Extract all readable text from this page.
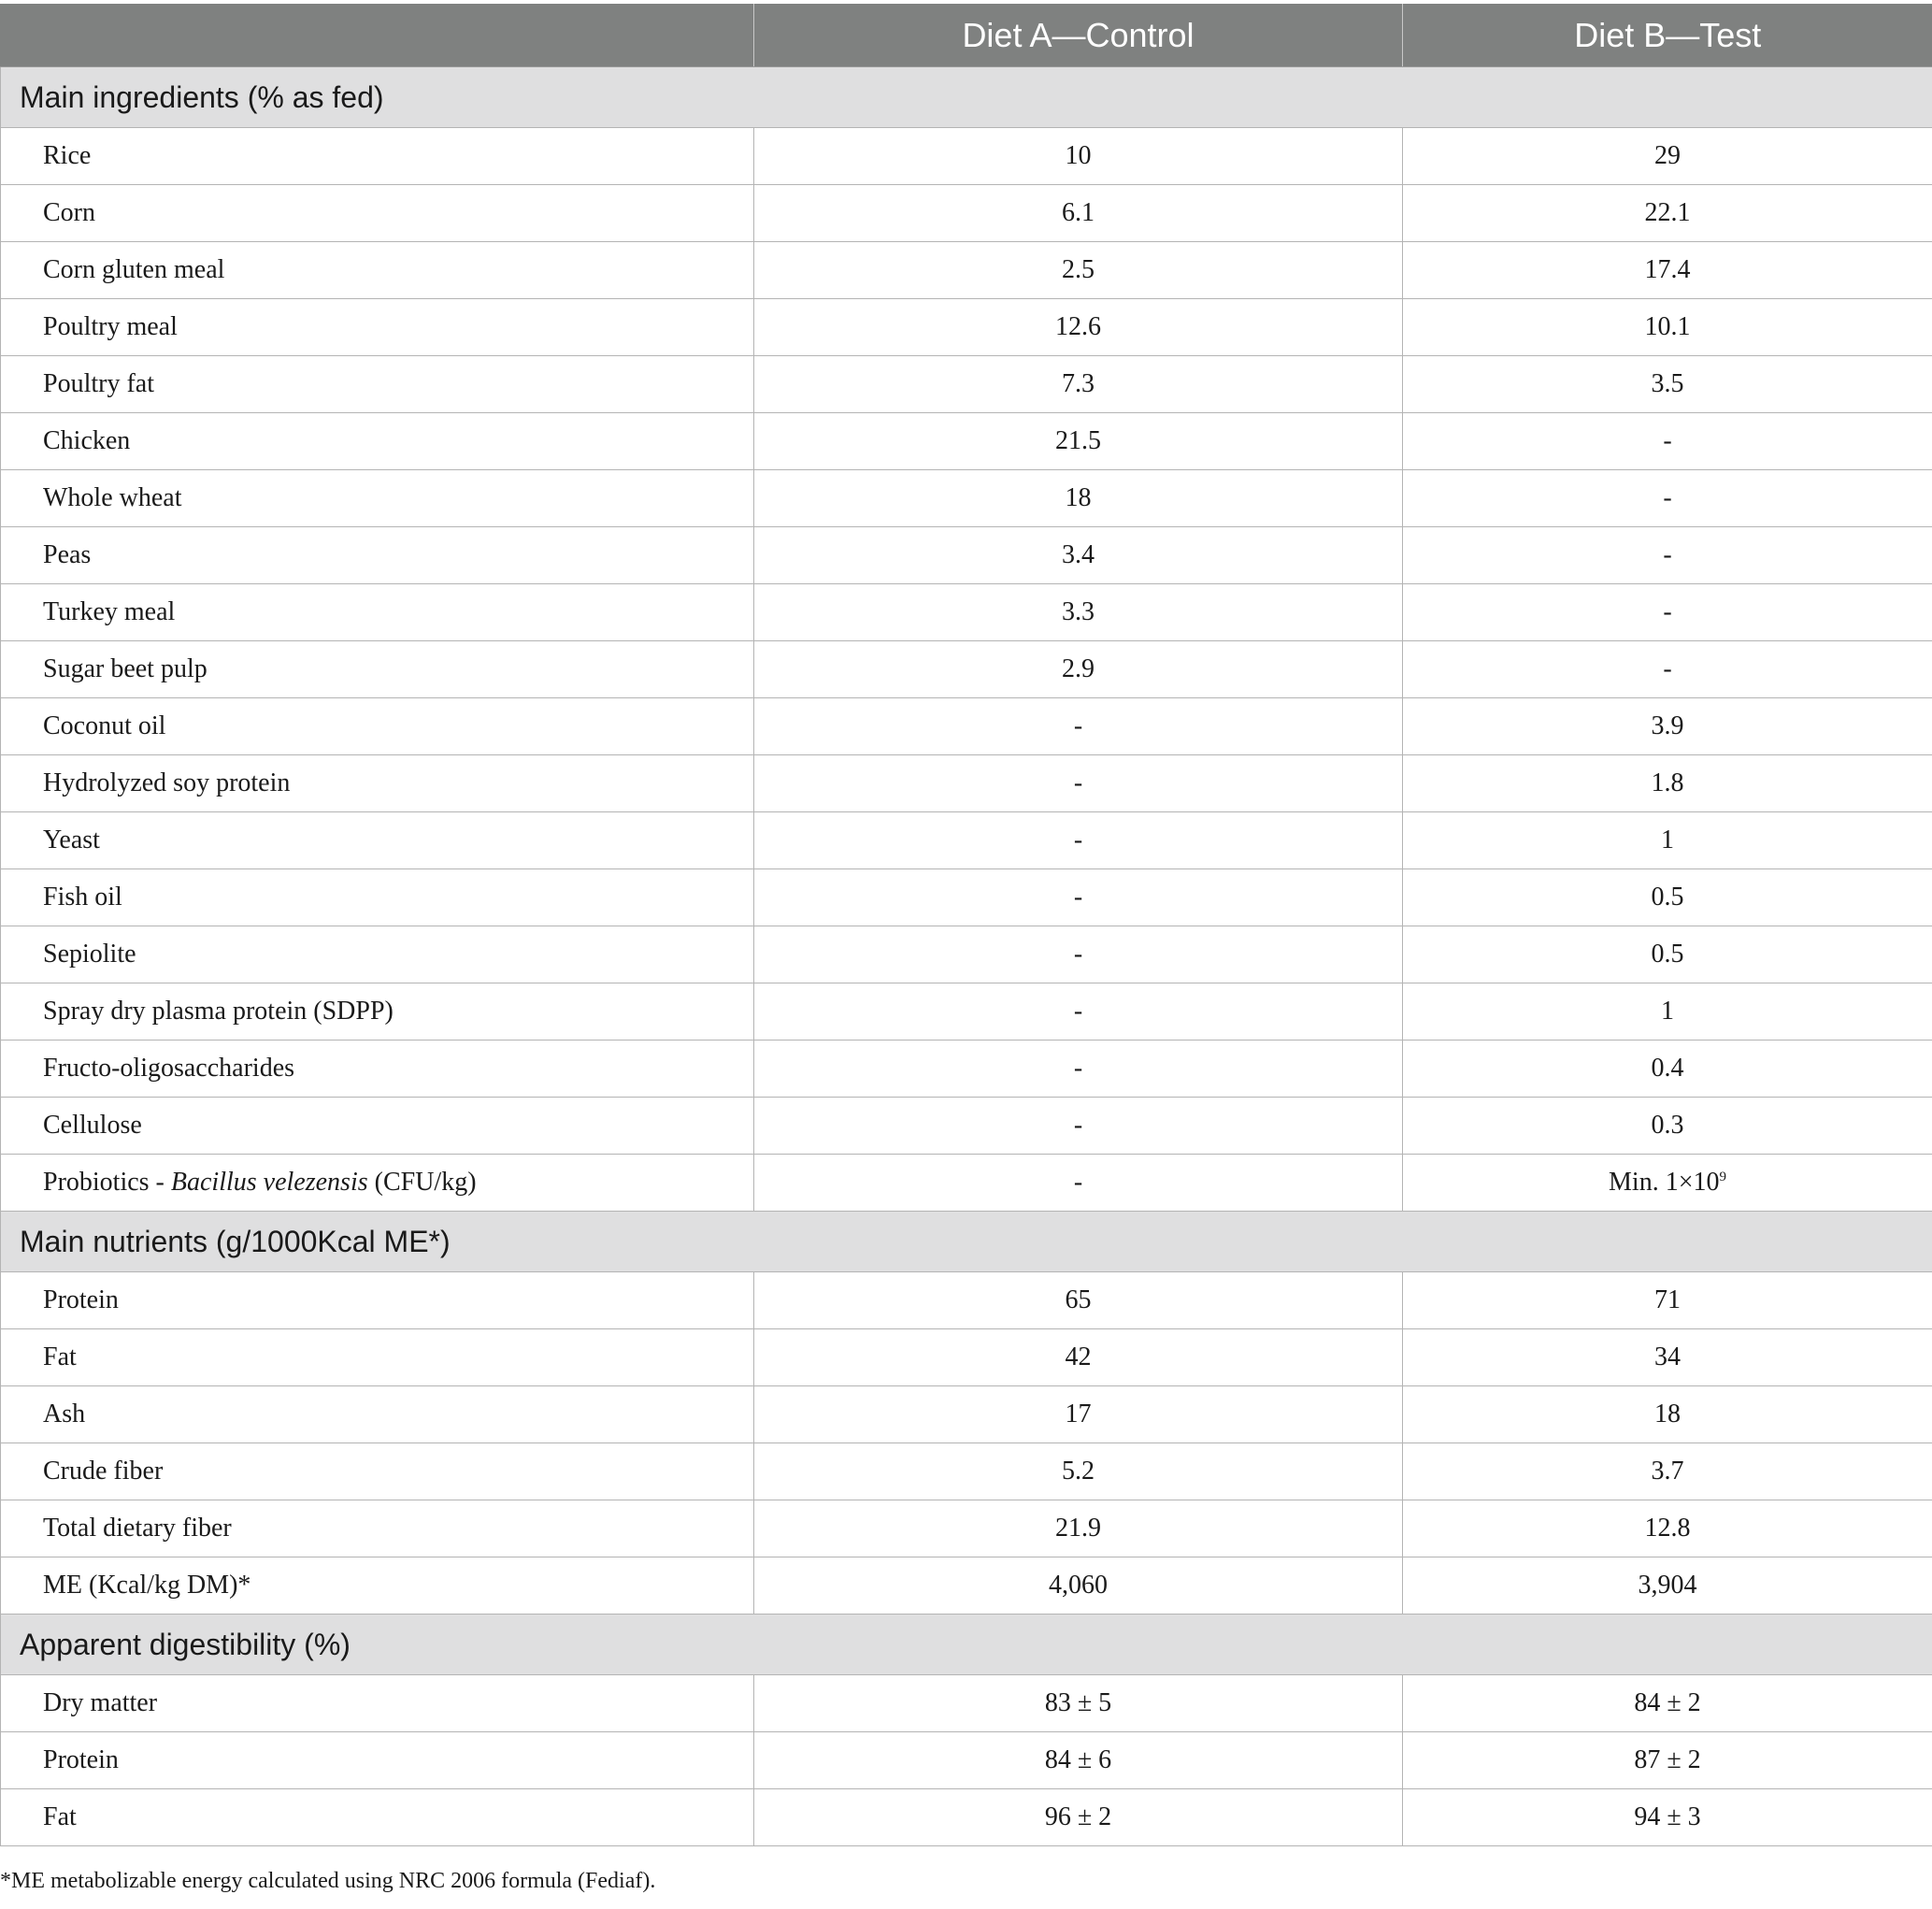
	Diet A—Control	Diet B—Test
Main ingredients (% as fed)		
Rice	10	29
Corn	6.1	22.1
Corn gluten meal	2.5	17.4
Poultry meal	12.6	10.1
Poultry fat	7.3	3.5
Chicken	21.5	-
Whole wheat	18	-
Peas	3.4	-
Turkey meal	3.3	-
Sugar beet pulp	2.9	-
Coconut oil	-	3.9
Hydrolyzed soy protein	-	1.8
Yeast	-	1
Fish oil	-	0.5
Sepiolite	-	0.5
Spray dry plasma protein (SDPP)	-	1
Fructo-oligosaccharides	-	0.4
Cellulose	-	0.3
Probiotics - Bacillus velezensis (CFU/kg)	-	Min. $1\times 10^9$
Main nutrients (g/1000Kcal ME*)		
Protein	65	71
Fat	42	34
Ash	17	18
Crude fiber	5.2	3.7
Total dietary fiber	21.9	12.8
ME (Kcal/kg DM)*	4,060	3,904
Apparent digestibility (%)		
Dry matter	83 ± 5	84 ± 2
Protein	84 ± 6	87 ± 2
Fat	96 ± 2	94 ± 3
*ME metabolizable energy calculated using NRC 2006 formula (Fediaf).
